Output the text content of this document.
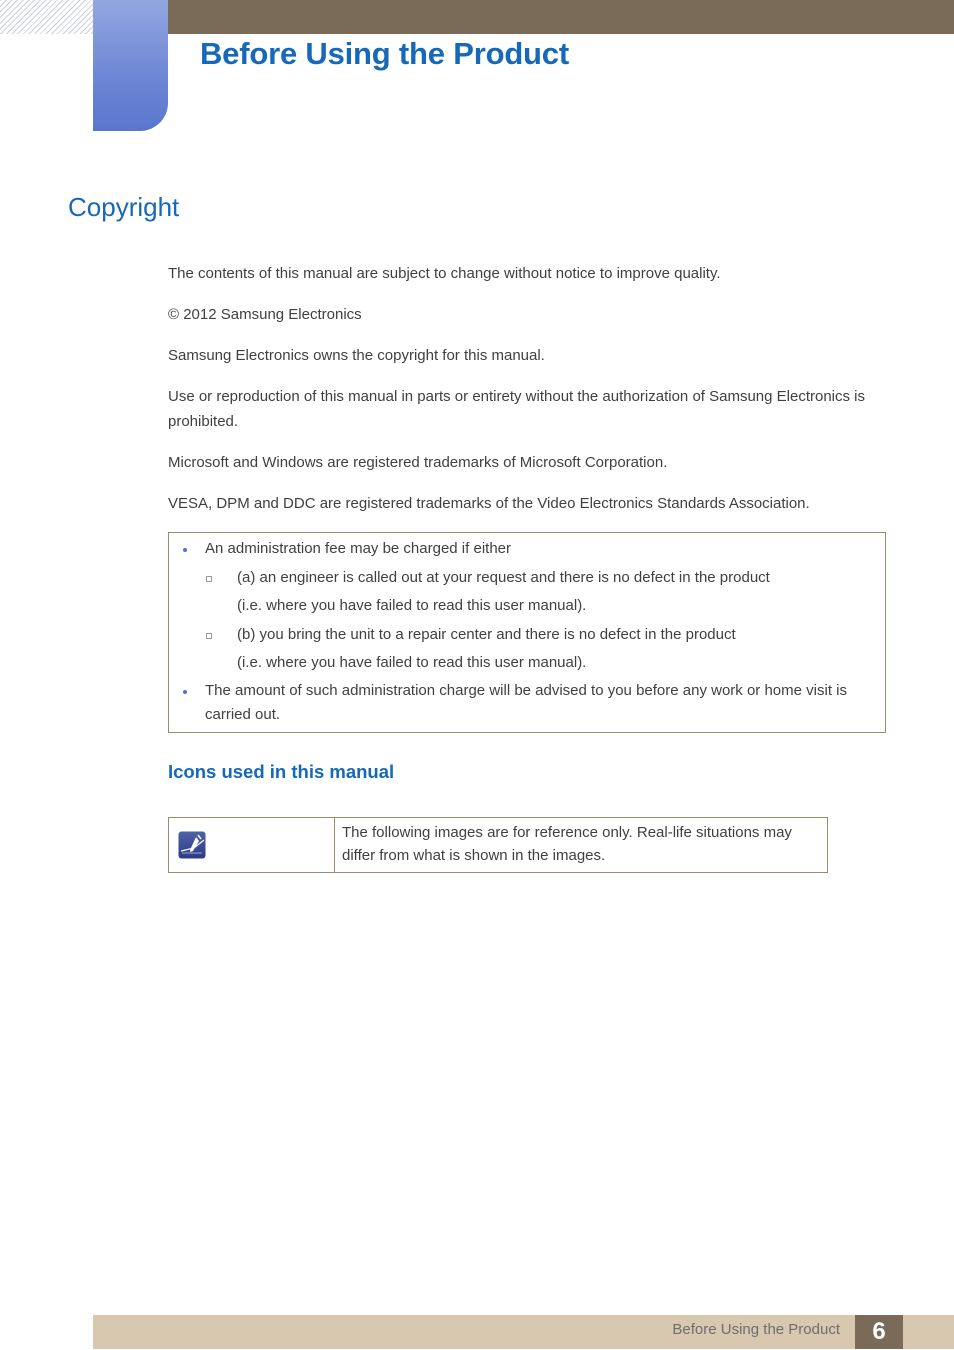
Before Using the Product
Copyright

The contents of this manual are subject to change without notice to improve quality.

© 2012 Samsung Electronics

Samsung Electronics owns the copyright for this manual.

Use or reproduction of this manual in parts or entirety without the authorization of Samsung Electronics is prohibited.

Microsoft and Windows are registered trademarks of Microsoft Corporation.

VESA, DPM and DDC are registered trademarks of the Video Electronics Standards Association.

An administration fee may be charged if either
(a) an engineer is called out at your request and there is no defect in the product
(i.e. where you have failed to read this user manual).
(b) you bring the unit to a repair center and there is no defect in the product
(i.e. where you have failed to read this user manual).
The amount of such administration charge will be advised to you before any work or home visit is carried out.
Icons used in this manual
	The following images are for reference only. Real-life situations may differ from what is shown in the images.
Before Using the Product	6
